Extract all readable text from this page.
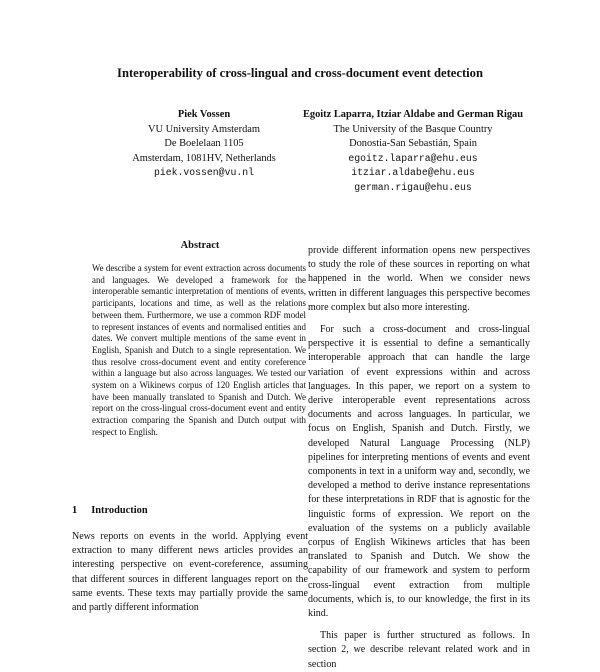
Interoperability of cross-lingual and cross-document event detection
Piek Vossen
VU University Amsterdam
De Boelelaan 1105
Amsterdam, 1081HV, Netherlands
piek.vossen@vu.nl
Egoitz Laparra, Itziar Aldabe and German Rigau
The University of the Basque Country
Donostia-San Sebastián, Spain
egoitz.laparra@ehu.eus
itziar.aldabe@ehu.eus
german.rigau@ehu.eus
Abstract

We describe a system for event extraction across documents and languages. We developed a framework for the interoperable semantic interpretation of mentions of events, participants, locations and time, as well as the relations between them. Furthermore, we use a common RDF model to represent instances of events and normalised entities and dates. We convert multiple mentions of the same event in English, Spanish and Dutch to a single representation. We thus resolve cross-document event and entity coreference within a language but also across languages. We tested our system on a Wikinews corpus of 120 English articles that have been manually translated to Spanish and Dutch. We report on the cross-lingual cross-document event and entity extraction comparing the Spanish and Dutch output with respect to English.

1 Introduction

News reports on events in the world. Applying event extraction to many different news articles provides an interesting perspective on event-coreference, assuming that different sources in different languages report on the same events. These texts may partially provide the same and partly different information

provide different information opens new perspectives to study the role of these sources in reporting on what happened in the world. When we consider news written in different languages this perspective becomes more complex but also more interesting.

For such a cross-document and cross-lingual perspective it is essential to define a semantically interoperable approach that can handle the large variation of event expressions within and across languages. In this paper, we report on a system to derive interoperable event representations across documents and across languages. In particular, we focus on English, Spanish and Dutch. Firstly, we developed Natural Language Processing (NLP) pipelines for interpreting mentions of events and event components in text in a uniform way and, secondly, we developed a method to derive instance representations for these interpretations in RDF that is agnostic for the linguistic forms of expression. We report on the evaluation of the systems on a publicly available corpus of English Wikinews articles that has been translated to Spanish and Dutch. We show the capability of our framework and system to perform cross-lingual event extraction from multiple documents, which is, to our knowledge, the first in its kind.

This paper is further structured as follows. In section 2, we describe relevant related work and in section
